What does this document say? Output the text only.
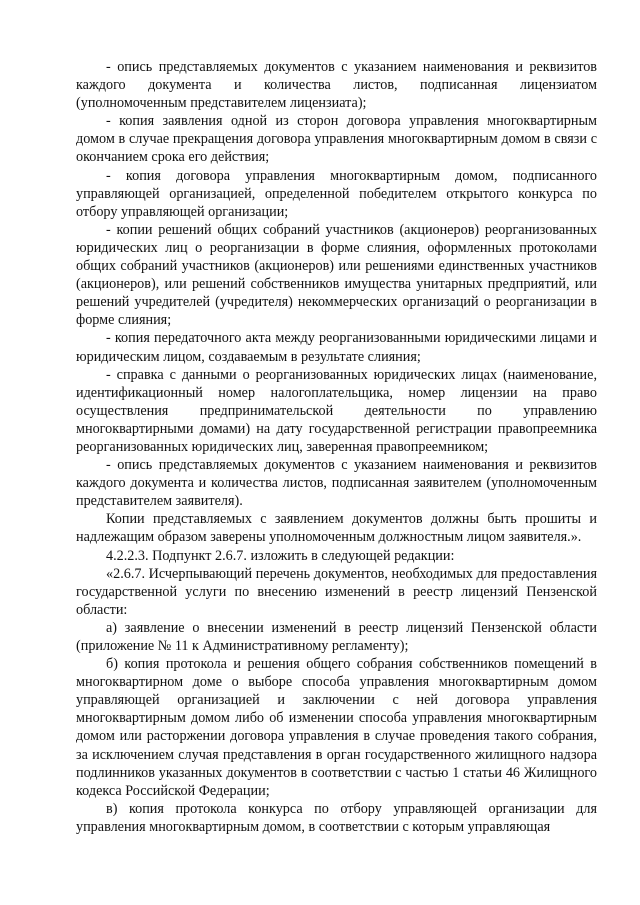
- опись представляемых документов с указанием наименования и реквизитов каждого документа и количества листов, подписанная лицензиатом (уполномоченным представителем лицензиата);

- копия заявления одной из сторон договора управления многоквартирным домом в случае прекращения договора управления многоквартирным домом в связи с окончанием срока его действия;

- копия договора управления многоквартирным домом, подписанного управляющей организацией, определенной победителем открытого конкурса по отбору управляющей организации;

- копии решений общих собраний участников (акционеров) реорганизованных юридических лиц о реорганизации в форме слияния, оформленных протоколами общих собраний участников (акционеров) или решениями единственных участников (акционеров), или решений собственников имущества унитарных предприятий, или решений учредителей (учредителя) некоммерческих организаций о реорганизации в форме слияния;

- копия передаточного акта между реорганизованными юридическими лицами и юридическим лицом, создаваемым в результате слияния;

- справка с данными о реорганизованных юридических лицах (наименование, идентификационный номер налогоплательщика, номер лицензии на право осуществления предпринимательской деятельности по управлению многоквартирными домами) на дату государственной регистрации правопреемника реорганизованных юридических лиц, заверенная правопреемником;

- опись представляемых документов с указанием наименования и реквизитов каждого документа и количества листов, подписанная заявителем (уполномоченным представителем заявителя).

Копии представляемых с заявлением документов должны быть прошиты и надлежащим образом заверены уполномоченным должностным лицом заявителя.».

4.2.2.3. Подпункт 2.6.7. изложить в следующей редакции:

«2.6.7. Исчерпывающий перечень документов, необходимых для предоставления государственной услуги по внесению изменений в реестр лицензий Пензенской области:

а) заявление о внесении изменений в реестр лицензий Пензенской области (приложение № 11 к Административному регламенту);

б) копия протокола и решения общего собрания собственников помещений в многоквартирном доме о выборе способа управления многоквартирным домом управляющей организацией и заключении с ней договора управления многоквартирным домом либо об изменении способа управления многоквартирным домом или расторжении договора управления в случае проведения такого собрания, за исключением случая представления в орган государственного жилищного надзора подлинников указанных документов в соответствии с частью 1 статьи 46 Жилищного кодекса Российской Федерации;

в) копия протокола конкурса по отбору управляющей организации для управления многоквартирным домом, в соответствии с которым управляющая
